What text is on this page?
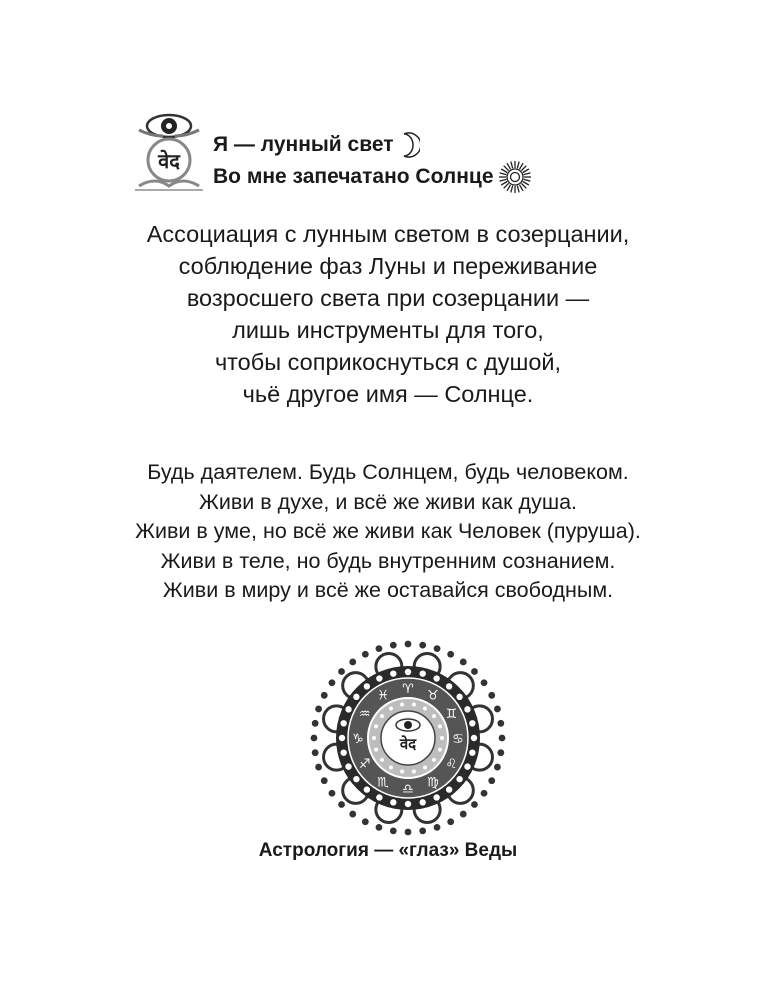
वेद
Я — лунный свет
Во мне запечатано Солнце
Ассоциация с лунным светом в созерцании,
соблюдение фаз Луны и переживание
возросшего света при созерцании —
лишь инструменты для того,
чтобы соприкоснуться с душой,
чьё другое имя — Солнце.
Будь даятелем. Будь Солнцем, будь человеком.
Живи в духе, и всё же живи как душа.
Живи в уме, но всё же живи как Человек (пуруша).
Живи в теле, но будь внутренним сознанием.
Живи в миру и всё же оставайся свободным.
♈ ♉
♊
♋
♌
♍
♎
♏
♐
♑
♒
♓
वेद
Астрология — «глаз» Веды
